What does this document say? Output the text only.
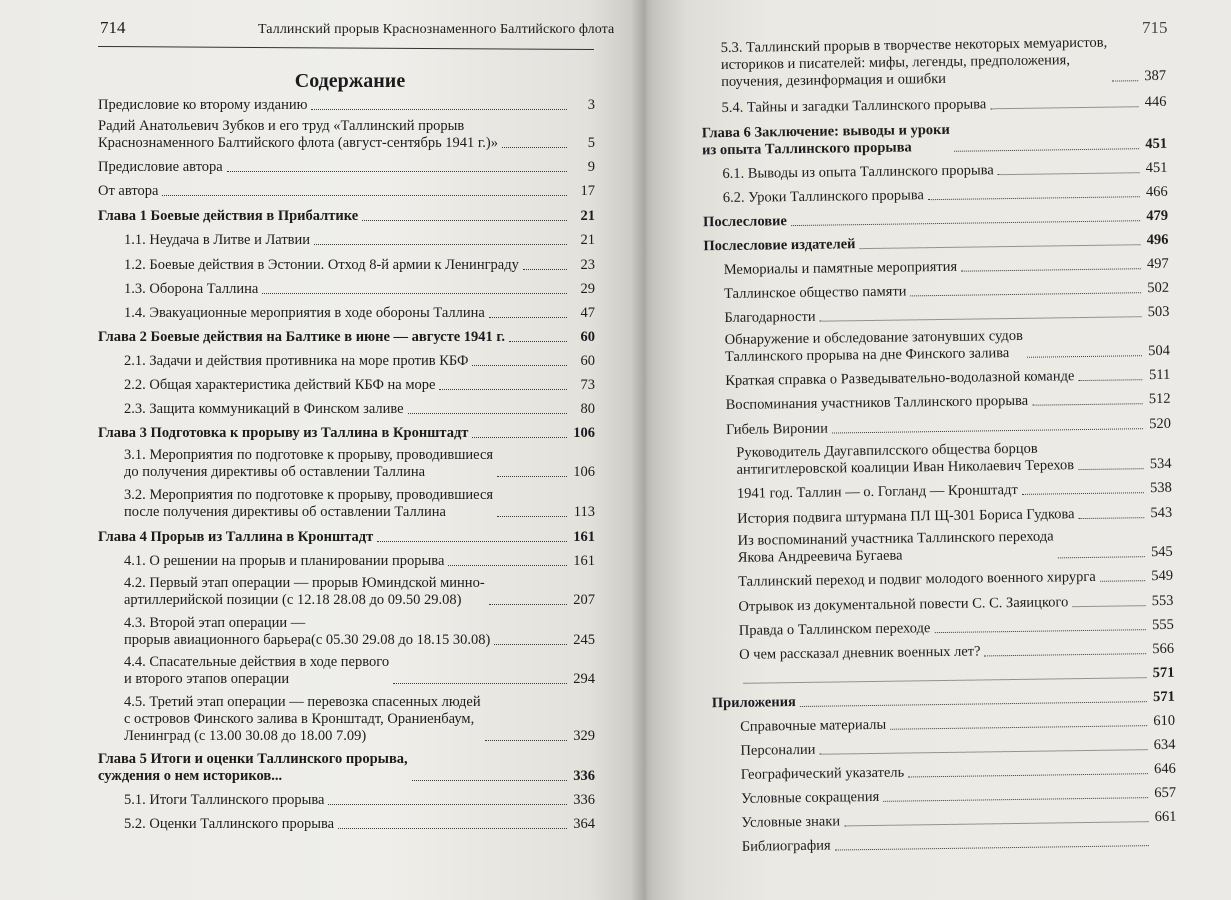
714	Таллинский прорыв Краснознаменного Балтийского флота
Содержание
Предисловие ко второму изданию	3
Радий Анатольевич Зубков и его труд «Таллинский прорыв
Краснознаменного Балтийского флота (август-сентябрь 1941 г.)»	5
Предисловие автора	9
От автора	17
Глава 1 Боевые действия в Прибалтике	21
1.1. Неудача в Литве и Латвии	21
1.2. Боевые действия в Эстонии. Отход 8-й армии к Ленинграду	23
1.3. Оборона Таллина	29
1.4. Эвакуационные мероприятия в ходе обороны Таллина	47
Глава 2 Боевые действия на Балтике в июне — августе 1941 г.	60
2.1. Задачи и действия противника на море против КБФ	60
2.2. Общая характеристика действий КБФ на море	73
2.3. Защита коммуникаций в Финском заливе	80
Глава 3 Подготовка к прорыву из Таллина в Кронштадт	106
3.1. Мероприятия по подготовке к прорыву, проводившиеся
до получения директивы об оставлении Таллина	106
3.2. Мероприятия по подготовке к прорыву, проводившиеся
после получения директивы об оставлении Таллина	113
Глава 4 Прорыв из Таллина в Кронштадт	161
4.1. О решении на прорыв и планировании прорыва	161
4.2. Первый этап операции — прорыв Юминдской минно-
артиллерийской позиции (с 12.18 28.08 до 09.50 29.08)	207
4.3. Второй этап операции —
прорыв авиационного барьера(с 05.30 29.08 до 18.15 30.08)	245
4.4. Спасательные действия в ходе первого
и второго этапов операции	294
4.5. Третий этап операции — перевозка спасенных людей
с островов Финского залива в Кронштадт, Ораниенбаум,
Ленинград (с 13.00 30.08 до 18.00 7.09)	329
Глава 5 Итоги и оценки Таллинского прорыва,
суждения о нем историков...	336
5.1. Итоги Таллинского прорыва	336
5.2. Оценки Таллинского прорыва	364
715
5.3. Таллинский прорыв в творчестве некоторых мемуаристов,
историков и писателей: мифы, легенды, предположения,
поучения, дезинформация и ошибки	387
5.4. Тайны и загадки Таллинского прорыва	446
Глава 6 Заключение: выводы и уроки
из опыта Таллинского прорыва	451
6.1. Выводы из опыта Таллинского прорыва	451
6.2. Уроки Таллинского прорыва	466
Послесловие	479
Послесловие издателей	496
Мемориалы и памятные мероприятия	497
Таллинское общество памяти	502
Благодарности	503
Обнаружение и обследование затонувших судов
Таллинского прорыва на дне Финского залива	504
Краткая справка о Разведывательно-водолазной команде	511
Воспоминания участников Таллинского прорыва	512
Гибель Виронии	520
Руководитель Даугавпилсского общества борцов
антигитлеровской коалиции Иван Николаевич Терехов	534
1941 год. Таллин — о. Гогланд — Кронштадт	538
История подвига штурмана ПЛ Щ-301 Бориса Гудкова	543
Из воспоминаний участника Таллинского перехода
Якова Андреевича Бугаева	545
Таллинский переход и подвиг молодого военного хирурга	549
Отрывок из документальной повести С. С. Заяицкого	553
Правда о Таллинском переходе	555
О чем рассказал дневник военных лет?	566
571
Приложения	571
Справочные материалы	610
Персоналии	634
Географический указатель	646
Условные сокращения	657
Условные знаки	661
Библиография
